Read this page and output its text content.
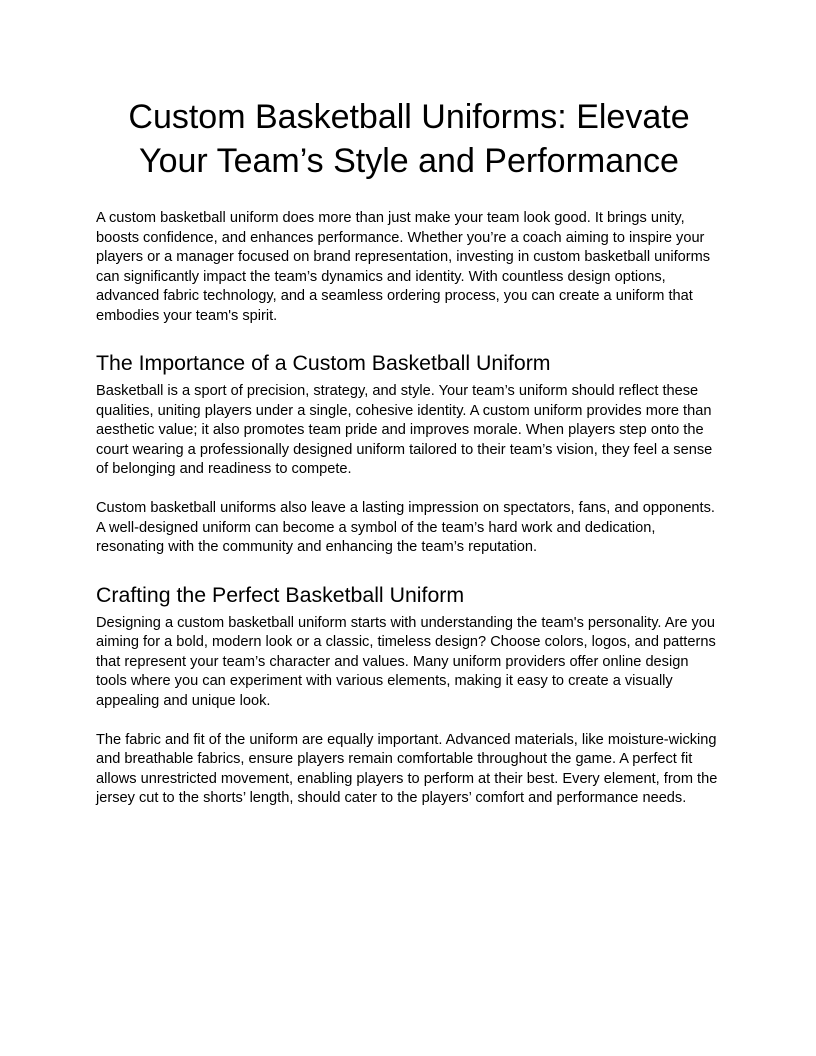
Custom Basketball Uniforms: Elevate
Your Team’s Style and Performance

A custom basketball uniform does more than just make your team look good. It brings unity, boosts confidence, and enhances performance. Whether you’re a coach aiming to inspire your players or a manager focused on brand representation, investing in custom basketball uniforms can significantly impact the team’s dynamics and identity. With countless design options, advanced fabric technology, and a seamless ordering process, you can create a uniform that embodies your team's spirit.

The Importance of a Custom Basketball Uniform

Basketball is a sport of precision, strategy, and style. Your team’s uniform should reflect these qualities, uniting players under a single, cohesive identity. A custom uniform provides more than aesthetic value; it also promotes team pride and improves morale. When players step onto the court wearing a professionally designed uniform tailored to their team’s vision, they feel a sense of belonging and readiness to compete.

Custom basketball uniforms also leave a lasting impression on spectators, fans, and opponents. A well-designed uniform can become a symbol of the team’s hard work and dedication, resonating with the community and enhancing the team’s reputation.

Crafting the Perfect Basketball Uniform

Designing a custom basketball uniform starts with understanding the team's personality. Are you aiming for a bold, modern look or a classic, timeless design? Choose colors, logos, and patterns that represent your team’s character and values. Many uniform providers offer online design tools where you can experiment with various elements, making it easy to create a visually appealing and unique look.

The fabric and fit of the uniform are equally important. Advanced materials, like moisture-wicking and breathable fabrics, ensure players remain comfortable throughout the game. A perfect fit allows unrestricted movement, enabling players to perform at their best. Every element, from the jersey cut to the shorts’ length, should cater to the players’ comfort and performance needs.
